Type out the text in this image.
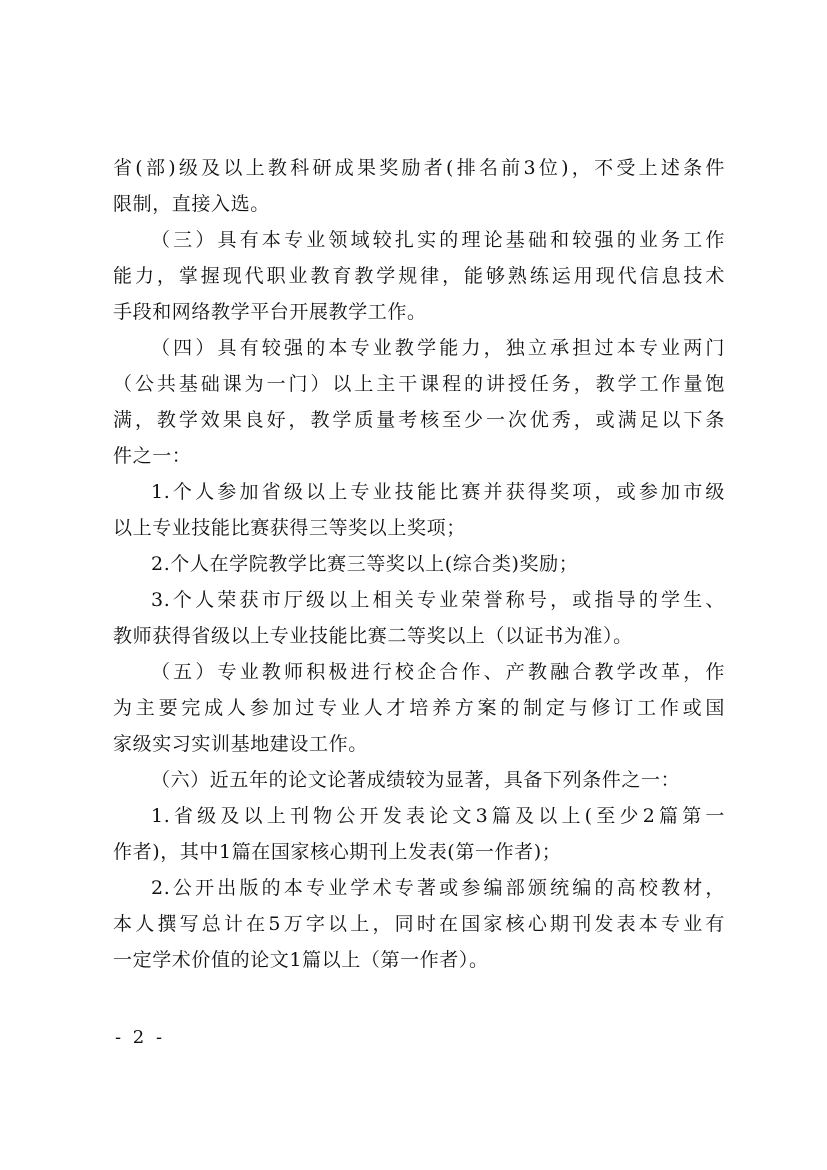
省(部)级及以上教科研成果奖励者(排名前3位)，不受上述条件
限制，直接入选。
（三）具有本专业领域较扎实的理论基础和较强的业务工作
能力，掌握现代职业教育教学规律，能够熟练运用现代信息技术
手段和网络教学平台开展教学工作。
（四）具有较强的本专业教学能力，独立承担过本专业两门
（公共基础课为一门）以上主干课程的讲授任务，教学工作量饱
满，教学效果良好，教学质量考核至少一次优秀，或满足以下条
件之一：
1.个人参加省级以上专业技能比赛并获得奖项，或参加市级
以上专业技能比赛获得三等奖以上奖项；
2.个人在学院教学比赛三等奖以上(综合类)奖励；
3.个人荣获市厅级以上相关专业荣誉称号，或指导的学生、
教师获得省级以上专业技能比赛二等奖以上（以证书为准）。
（五）专业教师积极进行校企合作、产教融合教学改革，作
为主要完成人参加过专业人才培养方案的制定与修订工作或国
家级实习实训基地建设工作。
（六）近五年的论文论著成绩较为显著，具备下列条件之一：
1.省级及以上刊物公开发表论文3篇及以上(至少2篇第一
作者)，其中1篇在国家核心期刊上发表(第一作者)；
2.公开出版的本专业学术专著或参编部颁统编的高校教材，
本人撰写总计在5万字以上，同时在国家核心期刊发表本专业有
一定学术价值的论文1篇以上（第一作者）。
- 2 -
